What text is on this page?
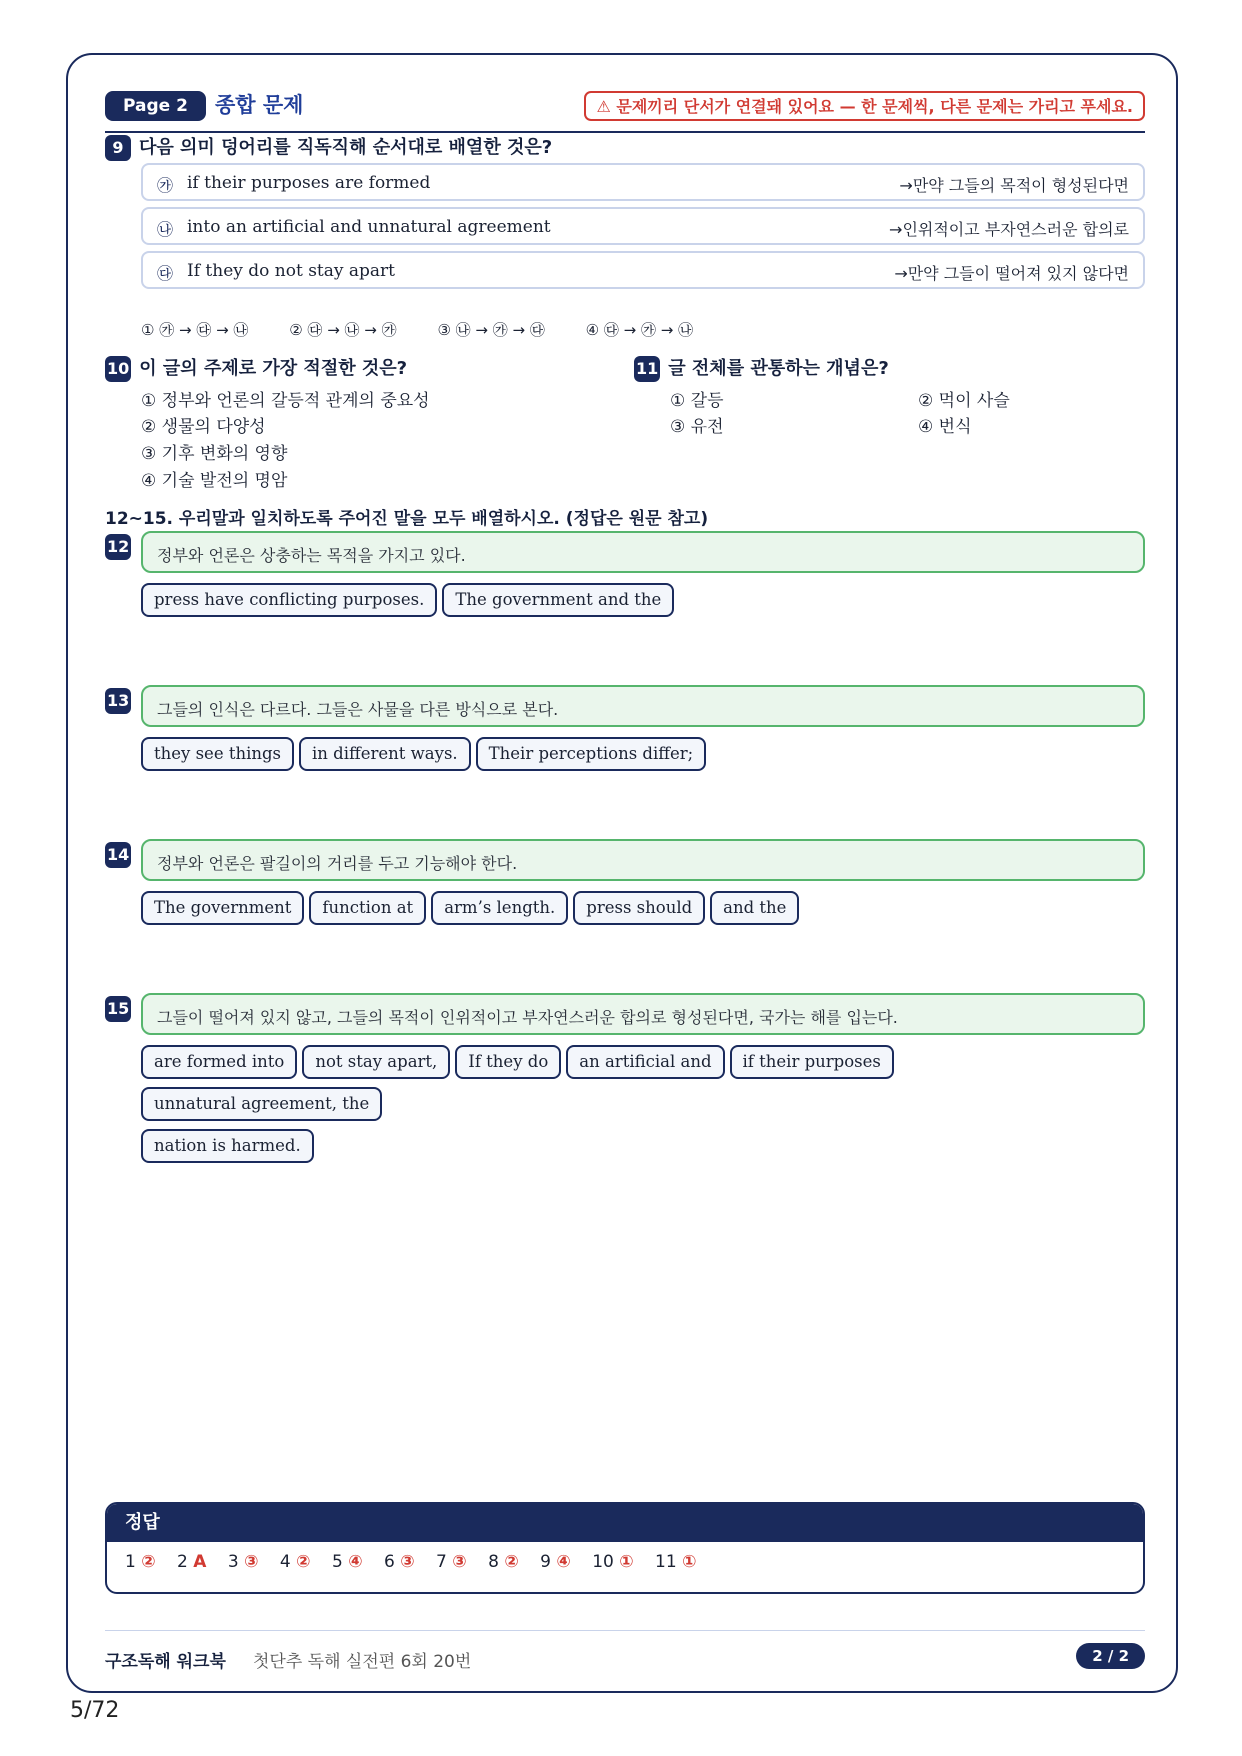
Page 2	종합 문제	⚠ 문제끼리 단서가 연결돼 있어요 — 한 문제씩, 다른 문제는 가리고 푸세요.
9 다음 의미 덩어리를 직독직해 순서대로 배열한 것은?
㉮ if their purposes are formed	→만약 그들의 목적이 형성된다면
㉯ into an artificial and unnatural agreement	→인위적이고 부자연스러운 합의로
㉰ If they do not stay apart	→만약 그들이 떨어져 있지 않다면
① ㉮ → ㉰ → ㉯	② ㉰ → ㉯ → ㉮	③ ㉯ → ㉮ → ㉰	④ ㉰ → ㉮ → ㉯
10 이 글의 주제로 가장 적절한 것은?
① 정부와 언론의 갈등적 관계의 중요성
② 생물의 다양성
③ 기후 변화의 영향
④ 기술 발전의 명암
11 글 전체를 관통하는 개념은?
① 갈등	② 먹이 사슬
③ 유전	④ 번식
12~15. 우리말과 일치하도록 주어진 말을 모두 배열하시오. (정답은 원문 참고)
12 정부와 언론은 상충하는 목적을 가지고 있다.
press have conflicting purposes. The government and the
13 그들의 인식은 다르다. 그들은 사물을 다른 방식으로 본다.
they see things in different ways. Their perceptions differ;
14 정부와 언론은 팔길이의 거리를 두고 기능해야 한다.
The government function at arm’s length. press should and the
15 그들이 떨어져 있지 않고, 그들의 목적이 인위적이고 부자연스러운 합의로 형성된다면, 국가는 해를 입는다.
are formed into not stay apart, If they do an artificial and if their purposesunnatural agreement, the
nation is harmed.
정답
1 ② 2 A 3 ③ 4 ② 5 ④ 6 ③ 7 ③ 8 ② 9 ④ 10 ① 11 ①
구조독해 워크북 첫단추 독해 실전편 6회 20번	2 / 2
5/72
